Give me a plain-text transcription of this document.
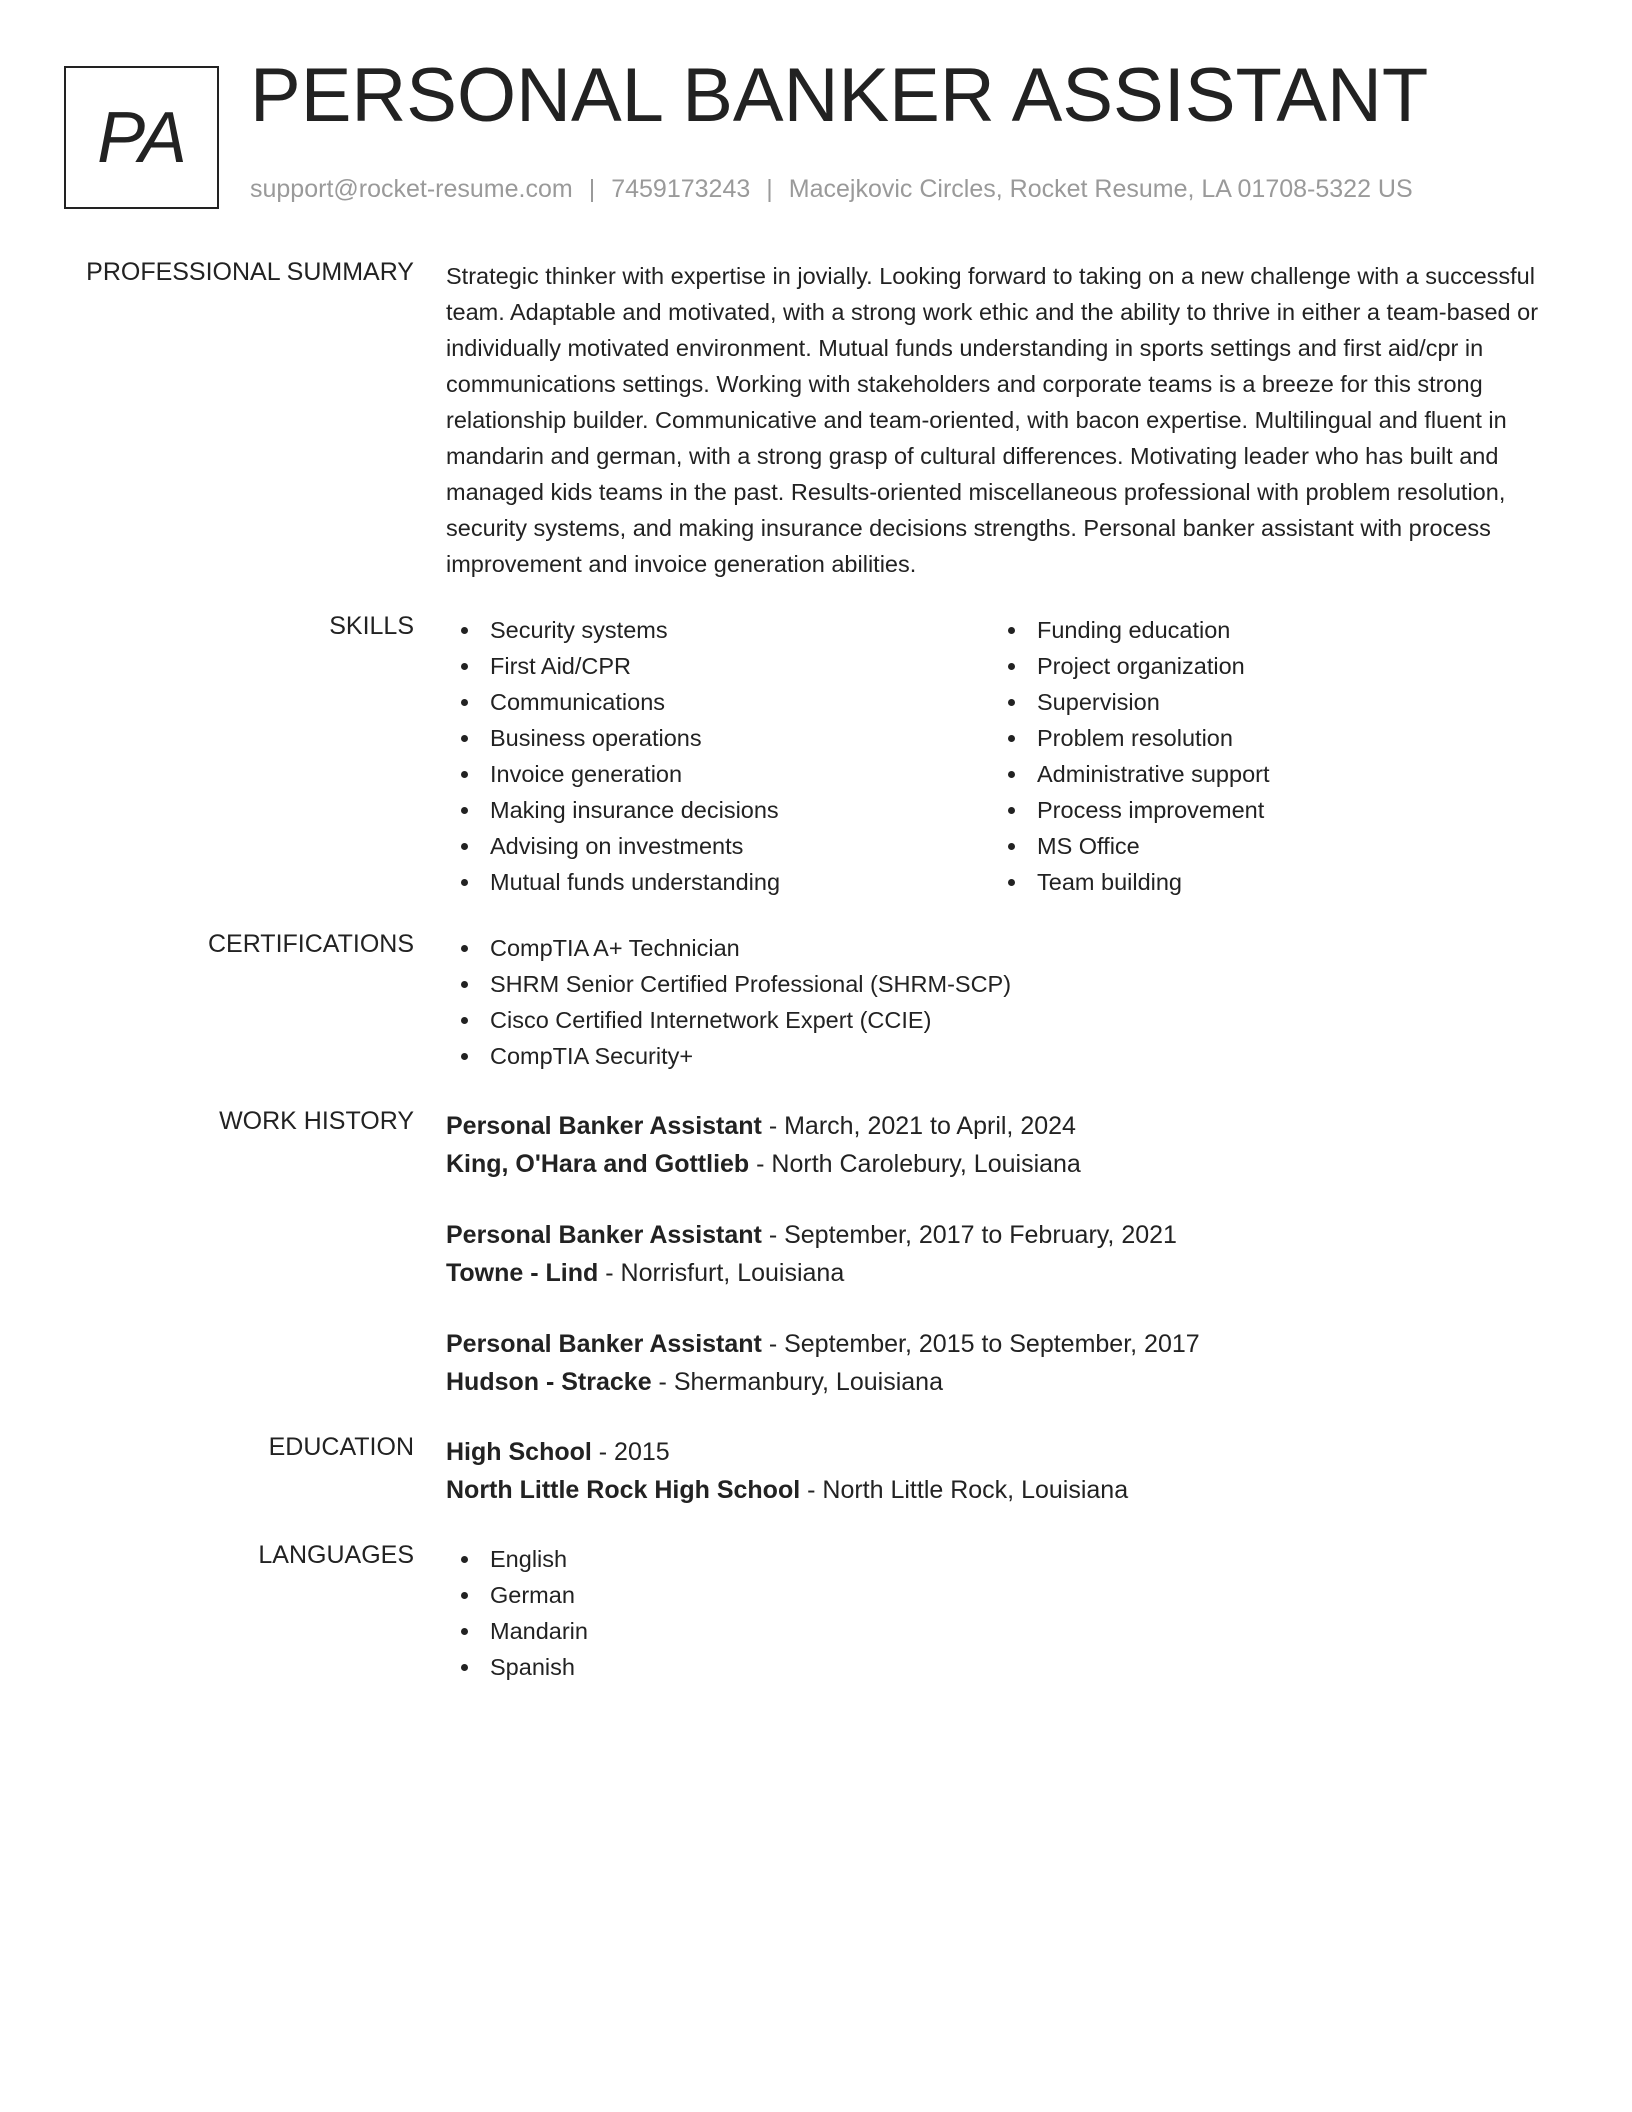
PA PERSONAL BANKER ASSISTANT
support@rocket-resume.com | 7459173243 | Macejkovic Circles, Rocket Resume, LA 01708-5322 US
PROFESSIONAL SUMMARY Strategic thinker with expertise in jovially. Looking forward to taking on a new challenge with a successful team. Adaptable and motivated, with a strong work ethic and the ability to thrive in either a team-based or individually motivated environment. Mutual funds understanding in sports settings and first aid/cpr in communications settings. Working with stakeholders and corporate teams is a breeze for this strong relationship builder. Communicative and team-oriented, with bacon expertise. Multilingual and fluent in mandarin and german, with a strong grasp of cultural differences. Motivating leader who has built and managed kids teams in the past. Results-oriented miscellaneous professional with problem resolution, security systems, and making insurance decisions strengths. Personal banker assistant with process improvement and invoice generation abilities.
SKILLS	Security systems
First Aid/CPR
Communications
Business operations
Invoice generation
Making insurance decisions
Advising on investments
Mutual funds understanding
Funding education
Project organization
Supervision
Problem resolution
Administrative support
Process improvement
MS Office
Team building
CERTIFICATIONS	CompTIA A+ Technician
SHRM Senior Certified Professional (SHRM-SCP)
Cisco Certified Internetwork Expert (CCIE)
CompTIA Security+
WORK HISTORY Personal Banker Assistant - March, 2021 to April, 2024
King, O'Hara and Gottlieb - North Carolebury, Louisiana
Personal Banker Assistant - September, 2017 to February, 2021
Towne - Lind - Norrisfurt, Louisiana
Personal Banker Assistant - September, 2015 to September, 2017
Hudson - Stracke - Shermanbury, Louisiana
EDUCATION High School - 2015
North Little Rock High School - North Little Rock, Louisiana
LANGUAGES	English
German
Mandarin
Spanish
